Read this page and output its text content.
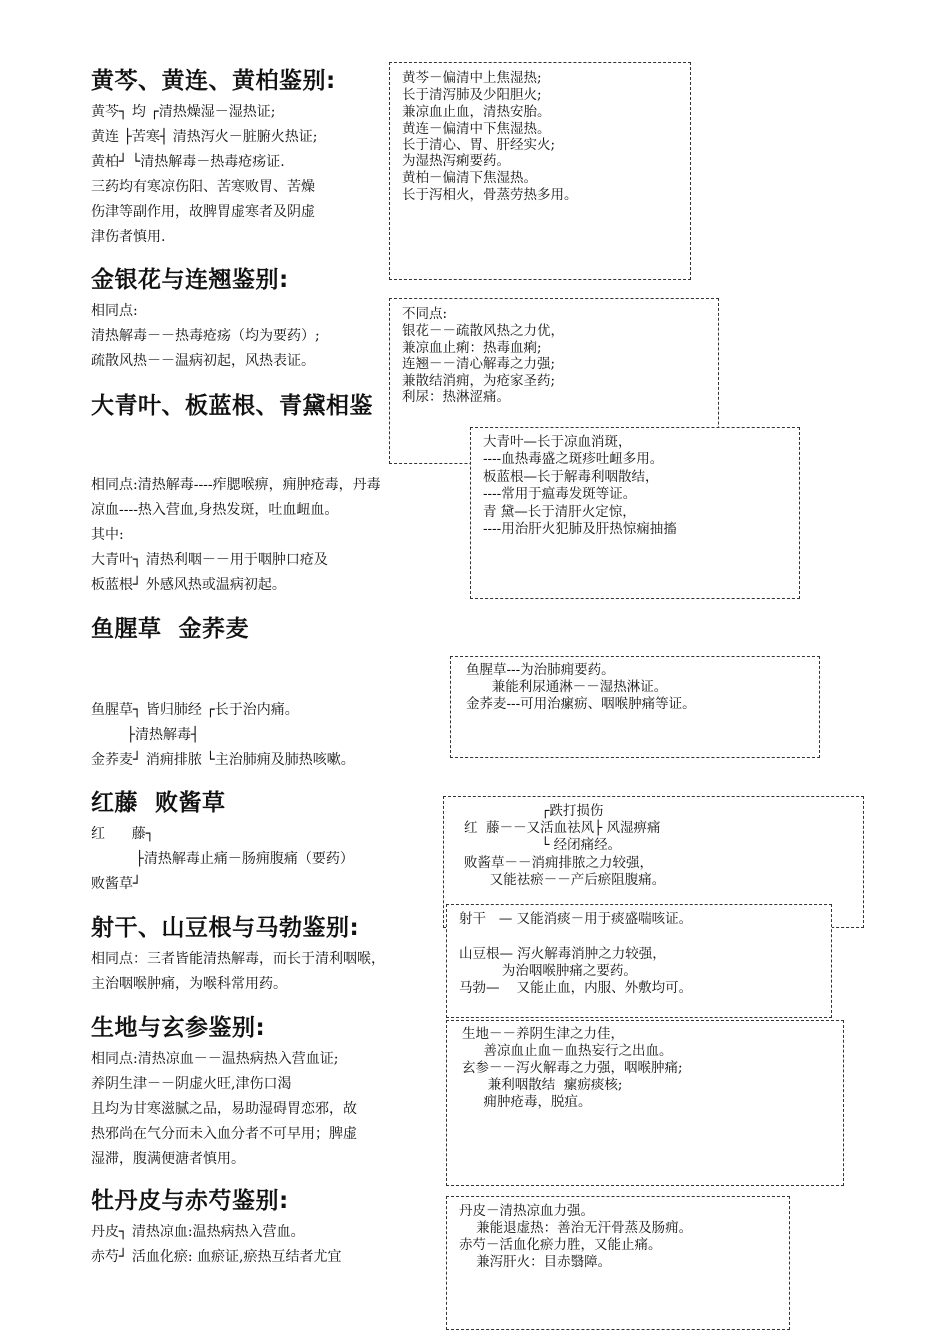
黄芩、黄连、黄柏鉴别:
黄芩┐ 均 ┌清热燥湿－湿热证;
黄连 ├苦寒┤ 清热泻火－脏腑火热证;
黄柏┘ └清热解毒－热毒疮疡证.
三药均有寒凉伤阳、苦寒败胃、苦燥
伤津等副作用，故脾胃虚寒者及阴虚
津伤者慎用.
黄芩－偏清中上焦湿热;
长于清泻肺及少阳胆火;
兼凉血止血，清热安胎。
黄连－偏清中下焦湿热。
长于清心、胃、肝经实火;
为湿热泻痢要药。
黄柏－偏清下焦湿热。
长于泻相火，骨蒸劳热多用。
金银花与连翘鉴别:
相同点:
清热解毒－－热毒疮疡（均为要药）;
疏散风热－－温病初起，风热表证。
不同点:
银花－－疏散风热之力优，
兼凉血止痢：热毒血痢;
连翘－－清心解毒之力强;
兼散结消痈，为疮家圣药;
利尿：热淋涩痛。
大青叶、板蓝根、青黛相鉴
相同点:清热解毒----痄腮喉痹，痈肿疮毒，丹毒
凉血----热入营血,身热发斑，吐血衄血。
其中:
大青叶┐ 清热利咽－－用于咽肿口疮及
板蓝根┘ 外感风热或温病初起。
大青叶—长于凉血消斑，
----血热毒盛之斑疹吐衄多用。
板蓝根—长于解毒利咽散结，
----常用于瘟毒发斑等证。
青 黛—长于清肝火定惊，
----用治肝火犯肺及肝热惊痫抽搐
鱼腥草  金荞麦
鱼腥草┐ 皆归肺经 ┌长于治内痛。
├清热解毒┤
金荞麦┘ 消痈排脓 └主治肺痈及肺热咳嗽。
鱼腥草---为治肺痈要药。
兼能利尿通淋－－湿热淋证。
金荞麦---可用治瘰疬、咽喉肿痛等证。
红藤  败酱草
红      藤┐
├清热解毒止痛－肠痈腹痛（要药）
败酱草┘
┌跌打损伤
红  藤－－又活血祛风├ 风湿痹痛
└ 经闭痛经。
败酱草－－消痈排脓之力较强，
又能祛瘀－－产后瘀阻腹痛。
射干、山豆根与马勃鉴别:
相同点：三者皆能清热解毒，而长于清利咽喉，
主治咽喉肿痛，为喉科常用药。
射干   — 又能消痰－用于痰盛喘咳证。
山豆根— 泻火解毒消肿之力较强，
为治咽喉肿痛之要药。
马勃—    又能止血，内服、外敷均可。
生地与玄参鉴别:
相同点:清热凉血－－温热病热入营血证;
养阴生津－－阴虚火旺,津伤口渴
且均为甘寒滋腻之品，易助湿碍胃恋邪，故
热邪尚在气分而未入血分者不可早用；脾虚
湿滞，腹满便溏者慎用。
生地－－养阴生津之力佳，
善凉血止血－血热妄行之出血。
玄参－－泻火解毒之力强，咽喉肿痛;
兼利咽散结  瘰疬痰核;
痈肿疮毒，脱疽。
牡丹皮与赤芍鉴别:
丹皮┐ 清热凉血:温热病热入营血。
赤芍┘ 活血化瘀: 血瘀证,瘀热互结者尤宜
丹皮－清热凉血力强。
兼能退虚热：善治无汗骨蒸及肠痈。
赤芍－活血化瘀力胜，又能止痛。
兼泻肝火：目赤翳障。
